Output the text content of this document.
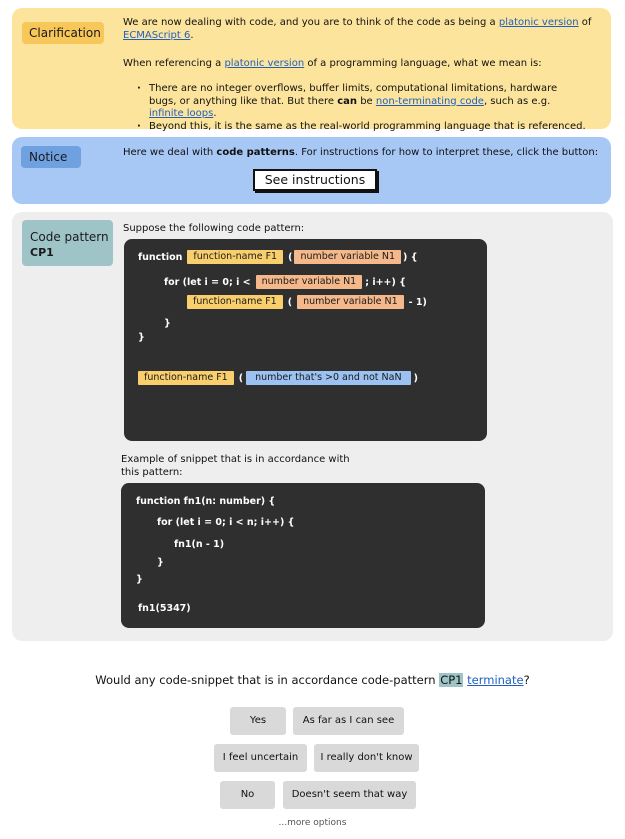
Clarification
We are now dealing with code, and you are to think of the code as being a platonic version of ECMAScript 6.
When referencing a platonic version of a programming language, what we mean is:
· There are no integer overflows, buffer limits, computational limitations, hardware bugs, or anything like that. But there can be non-terminating code, such as e.g. infinite loops.
· Beyond this, it is the same as the real-world programming language that is referenced.
Notice	Here we deal with code patterns. For instructions for how to interpret these, click the button:
See instructions
Code pattern
CP1
Suppose the following code pattern:
function	function-name F1	( number variable N1 ) {
for (let i = 0; i <	number variable N1 ; i++) {
function-name F1	(	number variable N1	- 1)
}
}
function-name F1	(	number that's >0 and not NaN	)
Example of snippet that is in accordance with this pattern:
function fn1(n: number) {
for (let i = 0; i < n; i++) {
fn1(n - 1)
}
}
fn1(5347)
Would any code-snippet that is in accordance code-pattern CP1 terminate?
Yes	As far as I can see
I feel uncertain	I really don't know
No	Doesn't seem that way
...more options
